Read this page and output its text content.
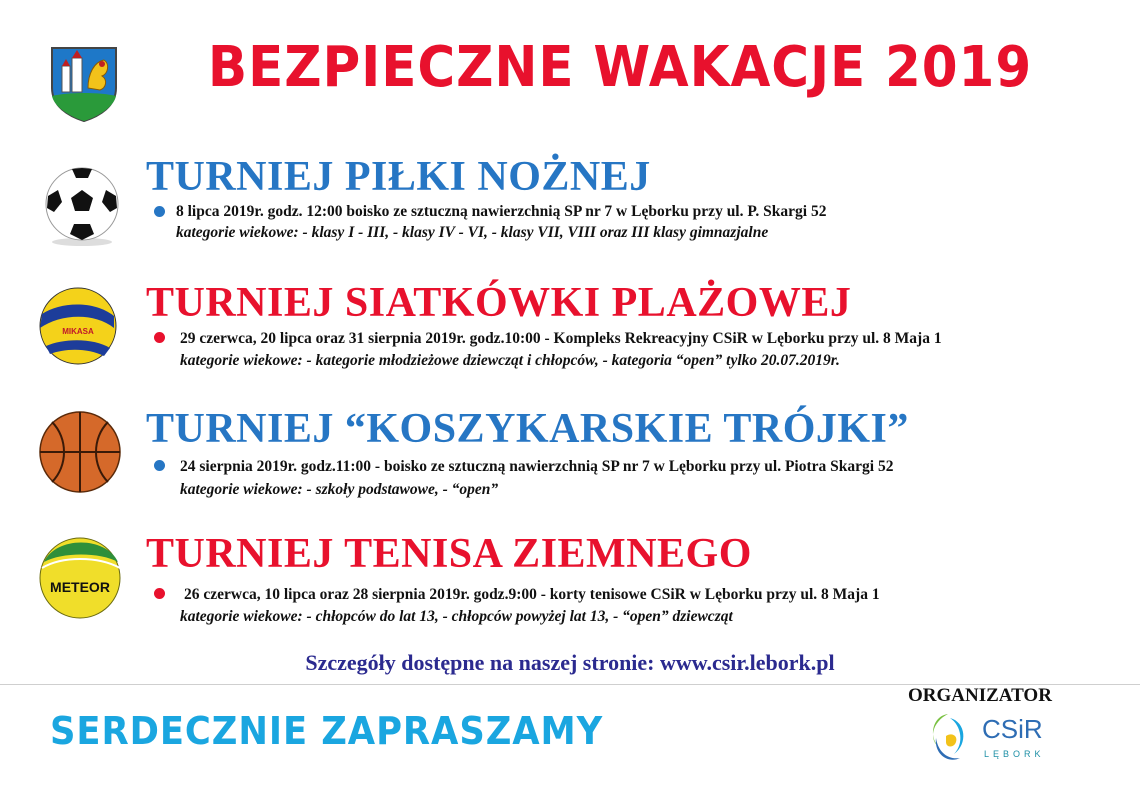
BEZPIECZNE WAKACJE 2019
TURNIEJ PIŁKI NOŻNEJ
8 lipca 2019r. godz. 12:00 boisko ze sztuczną nawierzchnią SP nr 7 w Lęborku przy ul. P. Skargi 52
kategorie wiekowe: - klasy I - III, - klasy IV - VI, - klasy VII, VIII oraz III klasy gimnazjalne
MIKASA
TURNIEJ SIATKÓWKI PLAŻOWEJ
29 czerwca, 20 lipca oraz 31 sierpnia 2019r. godz.10:00 - Kompleks Rekreacyjny CSiR w Lęborku przy ul. 8 Maja 1
kategorie wiekowe: - kategorie młodzieżowe dziewcząt i chłopców, - kategoria “open” tylko 20.07.2019r.
TURNIEJ “KOSZYKARSKIE TRÓJKI”
24 sierpnia 2019r. godz.11:00 - boisko ze sztuczną nawierzchnią SP nr 7 w Lęborku przy ul. Piotra Skargi 52
kategorie wiekowe: - szkoły podstawowe, - “open”
METEOR
TURNIEJ TENISA ZIEMNEGO
26 czerwca, 10 lipca oraz 28 sierpnia 2019r. godz.9:00 - korty tenisowe CSiR w Lęborku przy ul. 8 Maja 1
kategorie wiekowe: - chłopców do lat 13, - chłopców powyżej lat 13, - “open” dziewcząt
Szczegóły dostępne na naszej stronie: www.csir.lebork.pl
SERDECZNIE ZAPRASZAMY
ORGANIZATOR
CSiR
LĘBORK
